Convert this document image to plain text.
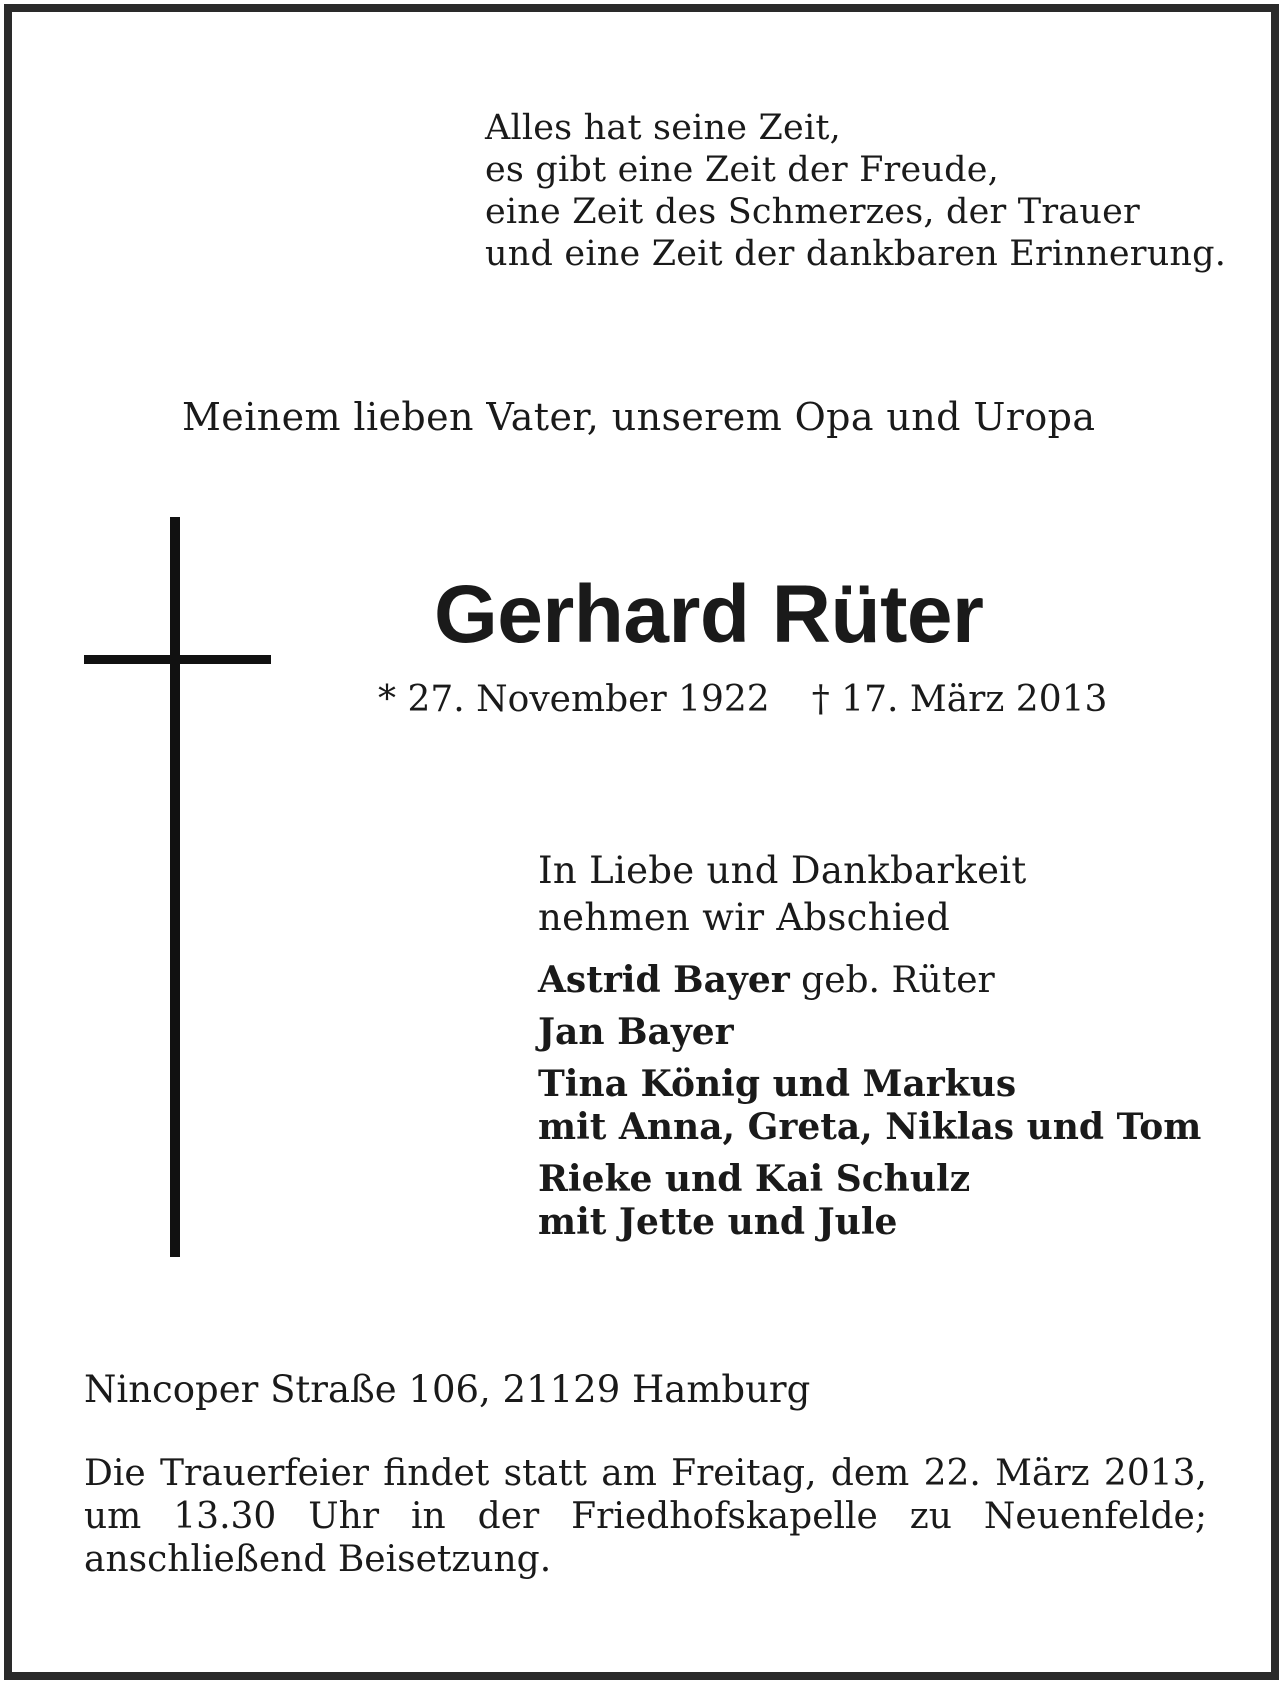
Alles hat seine Zeit,
es gibt eine Zeit der Freude,
eine Zeit des Schmerzes, der Trauer
und eine Zeit der dankbaren Erinnerung.
Meinem lieben Vater, unserem Opa und Uropa
Gerhard Rüter
* 27. November 1922 † 17. März 2013
In Liebe und Dankbarkeit
nehmen wir Abschied
Astrid Bayer geb. Rüter
Jan Bayer
Tina König und Markus
mit Anna, Greta, Niklas und Tom
Rieke und Kai Schulz
mit Jette und Jule
Nincoper Straße 106, 21129 Hamburg
Die Trauerfeier findet statt am Freitag, dem 22. März 2013, um 13.30 Uhr in der Friedhofskapelle zu Neuenfelde; anschließend Beisetzung.
